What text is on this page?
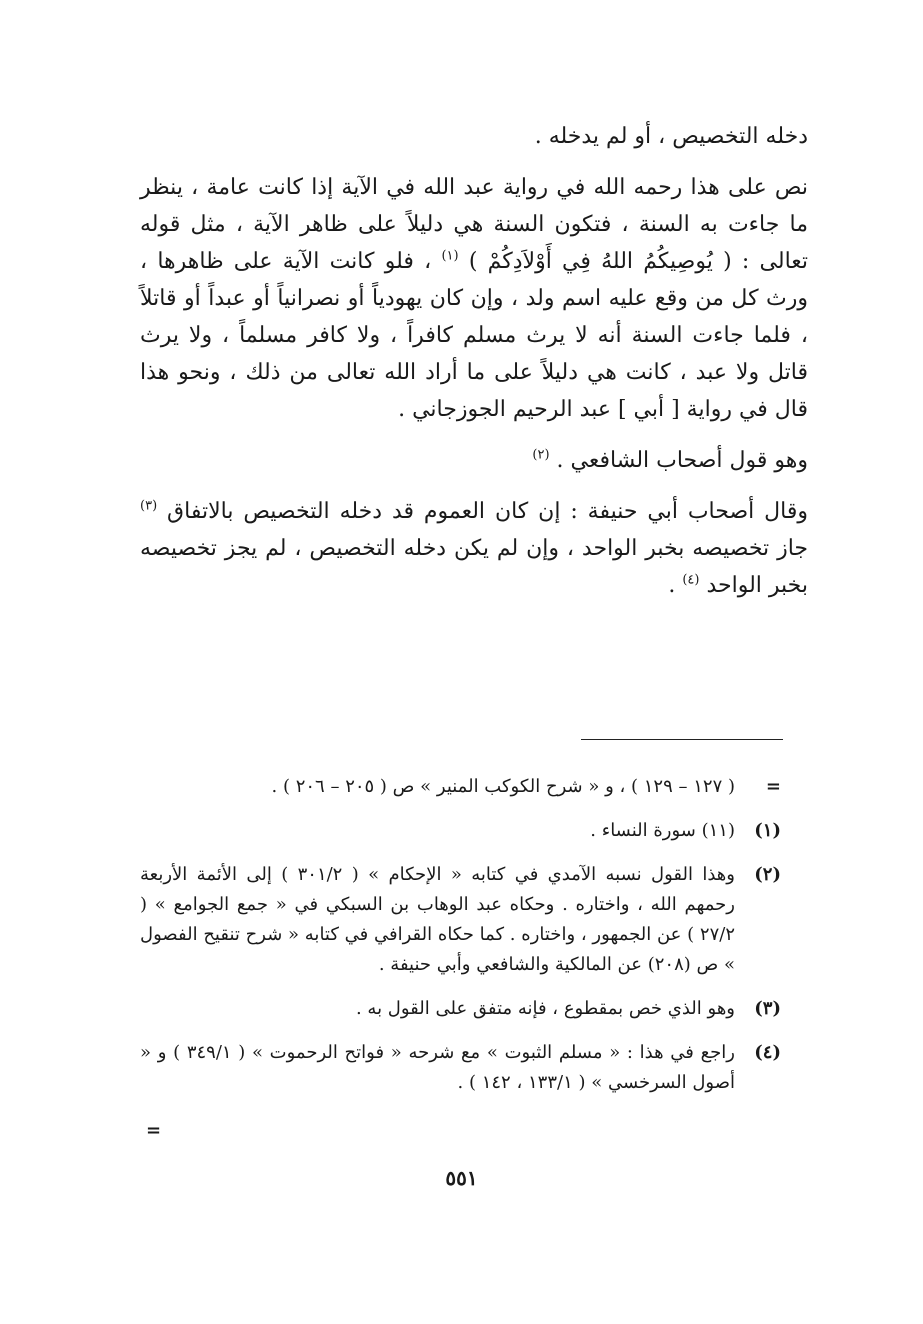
دخله التخصيص ، أو لم يدخله .

نص على هذا رحمه الله في رواية عبد الله في الآية إذا كانت عامة ، ينظر ما جاءت به السنة ، فتكون السنة هي دليلاً على ظاهر الآية ، مثل قوله تعالى : ( يُوصِيكُمُ اللهُ فِي أَوْلاَدِكُمْ ) $^{(١)}$ ، فلو كانت الآية على ظاهرها ، ورث كل من وقع عليه اسم ولد ، وإن كان يهودياً أو نصرانياً أو عبداً أو قاتلاً ، فلما جاءت السنة أنه لا يرث مسلم كافراً ، ولا كافر مسلماً ، ولا يرث قاتل ولا عبد ، كانت هي دليلاً على ما أراد الله تعالى من ذلك ، ونحو هذا قال في رواية [ أبي ] عبد الرحيم الجوزجاني .

وهو قول أصحاب الشافعي . $^{(٢)}$

وقال أصحاب أبي حنيفة : إن كان العموم قد دخله التخصيص بالاتفاق $^{(٣)}$ جاز تخصيصه بخبر الواحد ، وإن لم يكن دخله التخصيص ، لم يجز تخصيصه بخبر الواحد $^{(٤)}$ .

=
( ١٢٧ – ١٢٩ ) ، و « شرح الكوكب المنير » ص ( ٢٠٥ – ٢٠٦ ) .
(١)
(١١) سورة النساء .
(٢)
وهذا القول نسبه الآمدي في كتابه « الإحكام » ( ٣٠١/٢ ) إلى الأئمة الأربعة رحمهم الله ، واختاره . وحكاه عبد الوهاب بن السبكي في « جمع الجوامع » ( ٢٧/٢ ) عن الجمهور ، واختاره . كما حكاه القرافي في كتابه « شرح تنقيح الفصول » ص (٢٠٨) عن المالكية والشافعي وأبي حنيفة .
(٣)
وهو الذي خص بمقطوع ، فإنه متفق على القول به .
(٤)
راجع في هذا : « مسلم الثبوت » مع شرحه « فواتح الرحموت » ( ٣٤٩/١ ) و « أصول السرخسي » ( ١٣٣/١ ، ١٤٢ ) .
=
٥٥١
